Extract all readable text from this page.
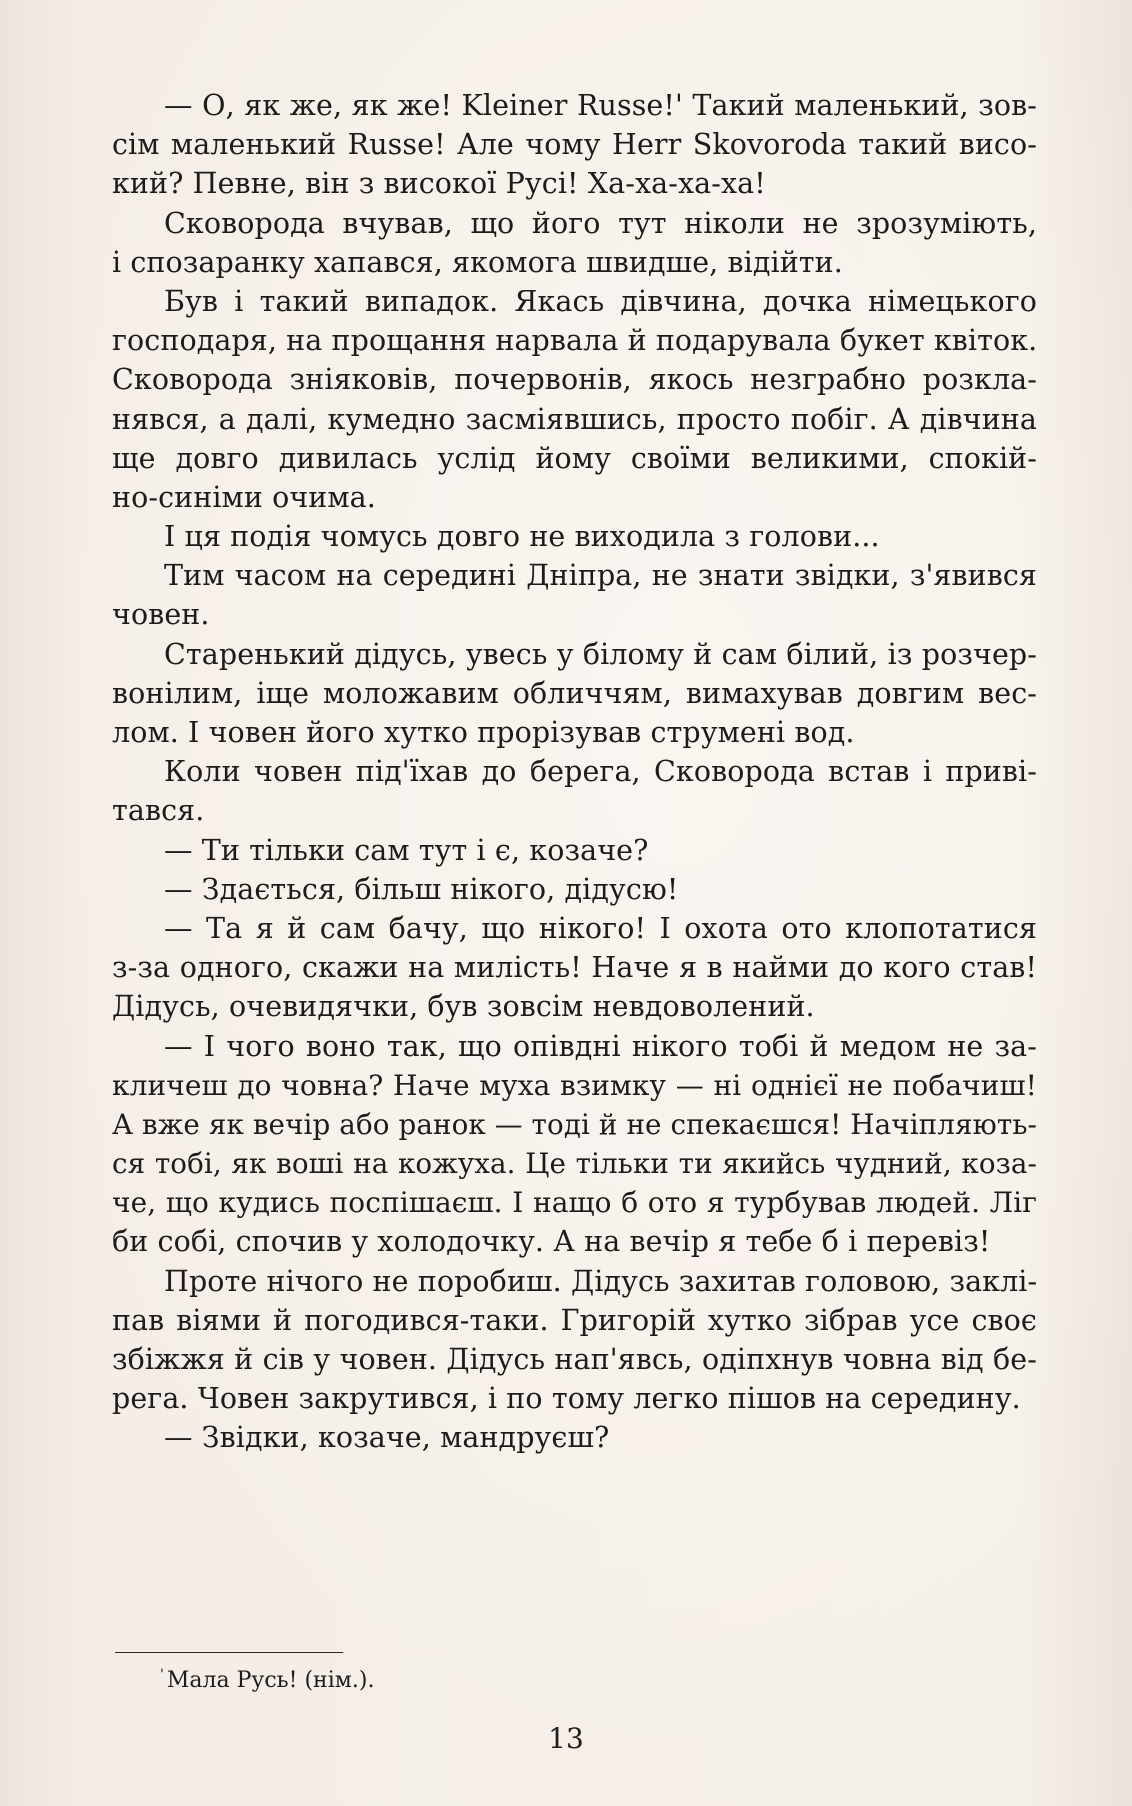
— О, як же, як же! Kleiner Russe!' Такий маленький, зов-
сім маленький Russe! Але чому Herr Skovoroda такий висо-
кий? Певне, він з високої Русі! Ха-ха-ха-ха!
Сковорода вчував, що його тут ніколи не зрозуміють,
і спозаранку хапався, якомога швидше, відійти.
Був і такий випадок. Якась дівчина, дочка німецького
господаря, на прощання нарвала й подарувала букет квіток.
Сковорода зніяковів, почервонів, якось незграбно розкла-
нявся, а далі, кумедно засміявшись, просто побіг. А дівчина
ще довго дивилась услід йому своїми великими, спокій-
но-синіми очима.
І ця подія чомусь довго не виходила з голови...
Тим часом на середині Дніпра, не знати звідки, з'явився
човен.
Старенький дідусь, увесь у білому й сам білий, із розчер-
вонілим, іще моложавим обличчям, вимахував довгим вес-
лом. І човен його хутко прорізував струмені вод.
Коли човен під'їхав до берега, Сковорода встав і приві-
тався.
— Ти тільки сам тут і є, козаче?
— Здається, більш нікого, дідусю!
— Та я й сам бачу, що нікого! І охота ото клопотатися
з-за одного, скажи на милість! Наче я в найми до кого став!
Дідусь, очевидячки, був зовсім невдоволений.
— І чого воно так, що опівдні нікого тобі й медом не за-
кличеш до човна? Наче муха взимку — ні однієї не побачиш!
А вже як вечір або ранок — тоді й не спекаєшся! Начіпляють-
ся тобі, як воші на кожуха. Це тільки ти якийсь чудний, коза-
че, що кудись поспішаєш. І нащо б ото я турбував людей. Ліг
би собі, спочив у холодочку. А на вечір я тебе б і перевіз!
Проте нічого не поробиш. Дідусь захитав головою, заклі-
пав віями й погодився-таки. Григорій хутко зібрав усе своє
збіжжя й сів у човен. Дідусь нап'явсь, одіпхнув човна від бе-
рега. Човен закрутився, і по тому легко пішов на середину.
— Звідки, козаче, мандруєш?
' Мала Русь! (нім.).
13
